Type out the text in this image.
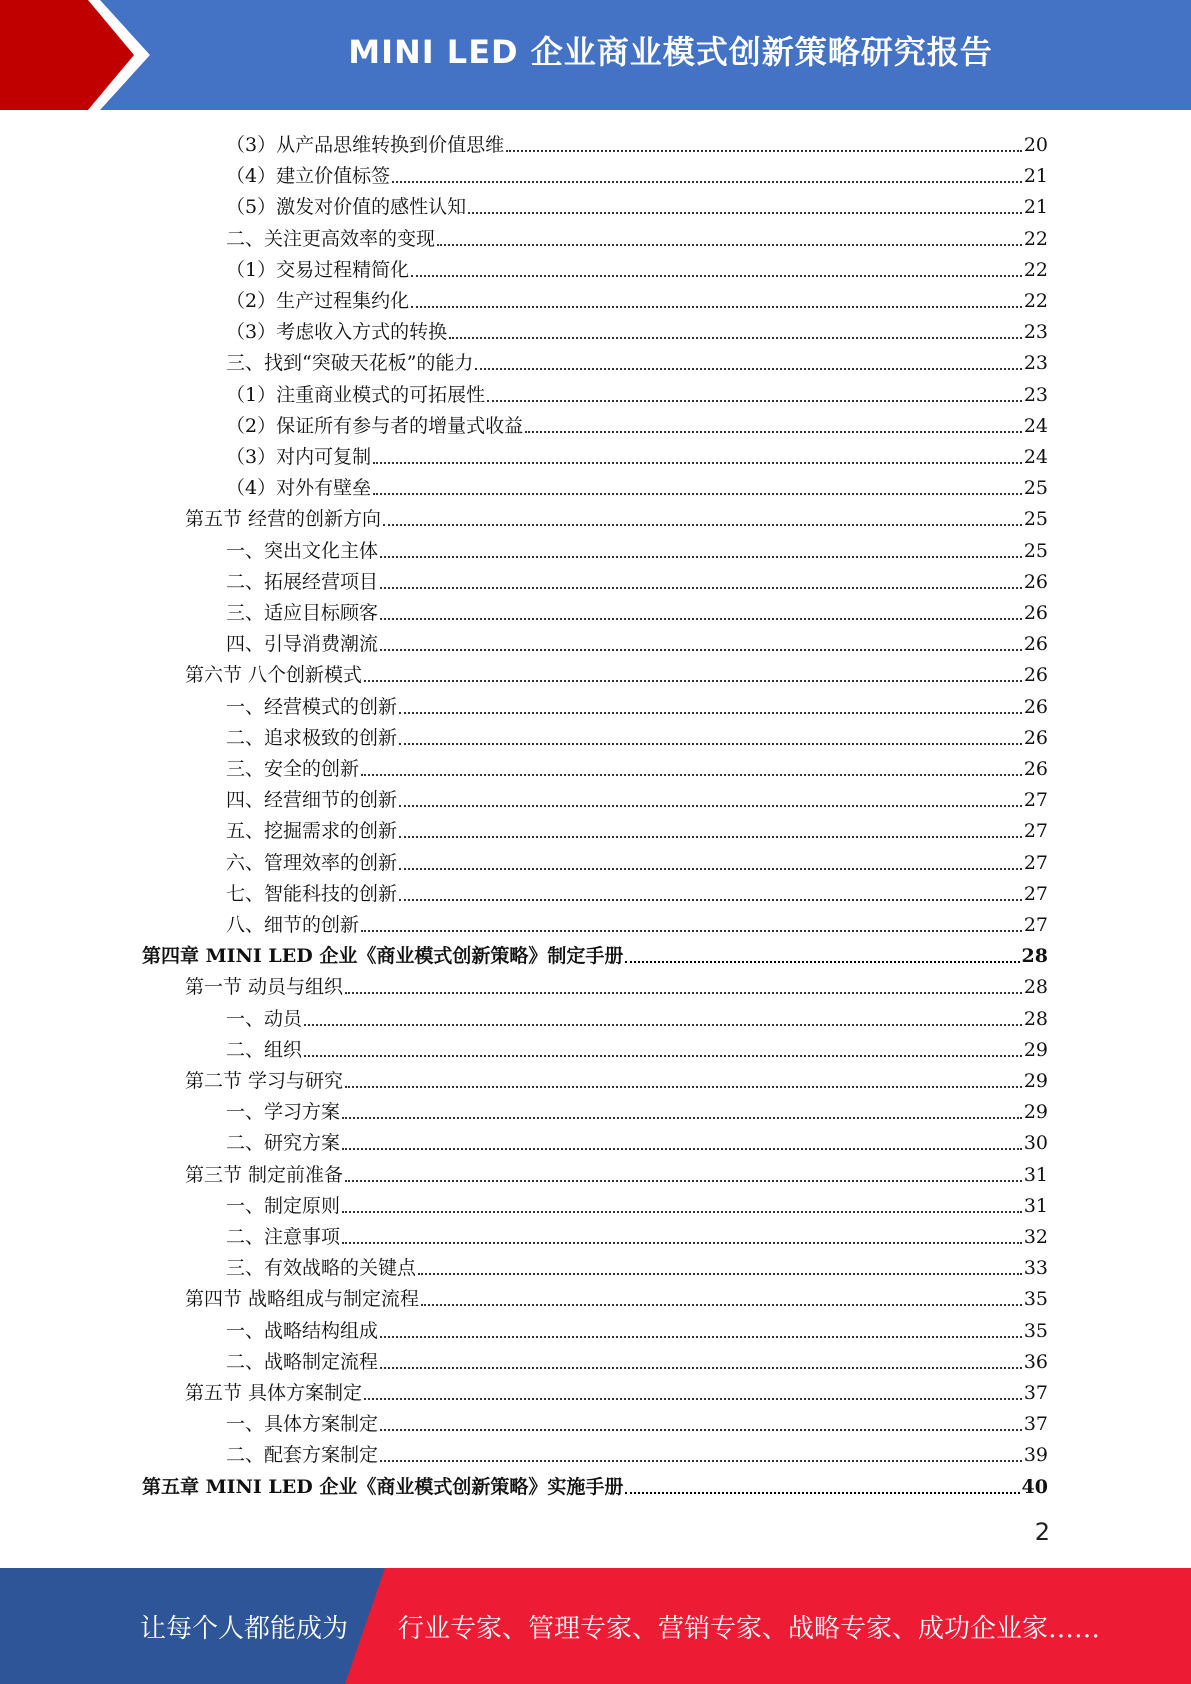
MINI LED 企业商业模式创新策略研究报告
（3）从产品思维转换到价值思维	20
（4）建立价值标签	21
（5）激发对价值的感性认知	21
二、关注更高效率的变现	22
（1）交易过程精简化	22
（2）生产过程集约化	22
（3）考虑收入方式的转换	23
三、找到“突破天花板”的能力	23
（1）注重商业模式的可拓展性	23
（2）保证所有参与者的增量式收益	24
（3）对内可复制	24
（4）对外有壁垒	25
第五节 经营的创新方向	25
一、突出文化主体	25
二、拓展经营项目	26
三、适应目标顾客	26
四、引导消费潮流	26
第六节 八个创新模式	26
一、经营模式的创新	26
二、追求极致的创新	26
三、安全的创新	26
四、经营细节的创新	27
五、挖掘需求的创新	27
六、管理效率的创新	27
七、智能科技的创新	27
八、细节的创新	27
第四章 MINI LED 企业《商业模式创新策略》制定手册	28
第一节 动员与组织	28
一、动员	28
二、组织	29
第二节 学习与研究	29
一、学习方案	29
二、研究方案	30
第三节 制定前准备	31
一、制定原则	31
二、注意事项	32
三、有效战略的关键点	33
第四节 战略组成与制定流程	35
一、战略结构组成	35
二、战略制定流程	36
第五节 具体方案制定	37
一、具体方案制定	37
二、配套方案制定	39
第五章 MINI LED 企业《商业模式创新策略》实施手册	40
2
让每个人都能成为 行业专家、管理专家、营销专家、战略专家、成功企业家……
